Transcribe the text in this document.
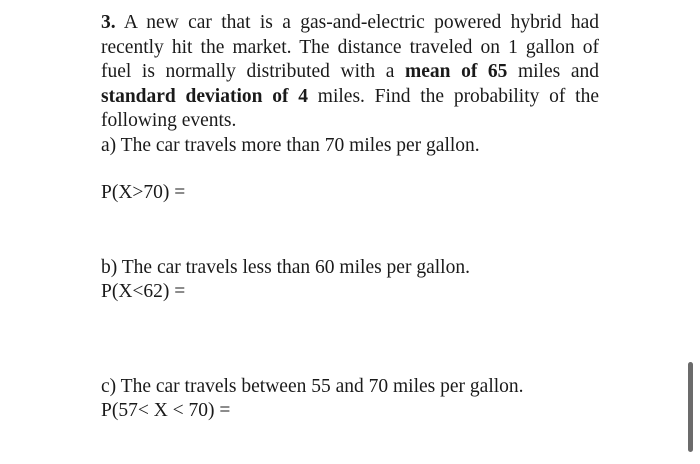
3. A new car that is a gas-and-electric powered hybrid had recently hit the market. The distance traveled on 1 gallon of fuel is normally distributed with a mean of 65 miles and standard deviation of 4 miles. Find the probability of the following events.

a) The car travels more than 70 miles per gallon.
P(X>70) =
b) The car travels less than 60 miles per gallon.
P(X<62) =
c) The car travels between 55 and 70 miles per gallon.
P(57< X < 70) =
